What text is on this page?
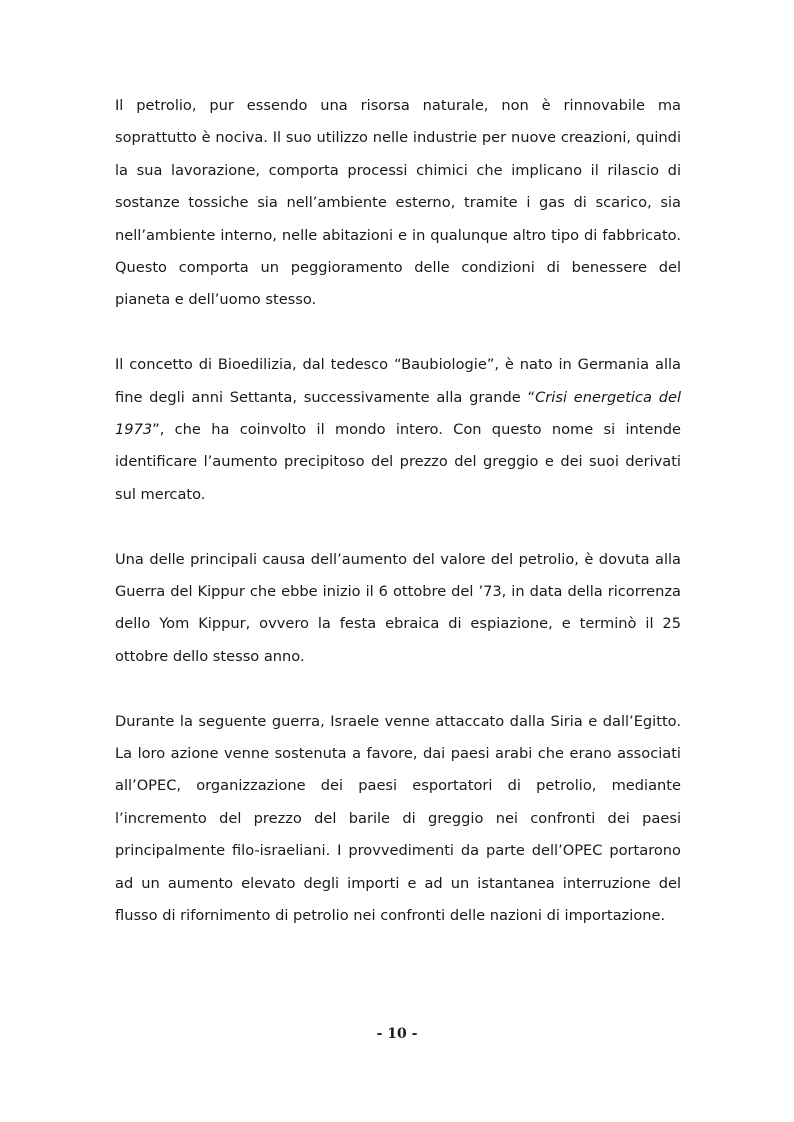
Il petrolio, pur essendo una risorsa naturale, non è rinnovabile ma soprattutto è nociva. Il suo utilizzo nelle industrie per nuove creazioni, quindi la sua lavorazione, comporta processi chimici che implicano il rilascio di sostanze tossiche sia nell’ambiente esterno, tramite i gas di scarico, sia nell’ambiente interno, nelle abitazioni e in qualunque altro tipo di fabbricato. Questo comporta un peggioramento delle condizioni di benessere del pianeta e dell’uomo stesso.

Il concetto di Bioedilizia, dal tedesco “Baubiologie”, è nato in Germania alla fine degli anni Settanta, successivamente alla grande “Crisi energetica del 1973”, che ha coinvolto il mondo intero. Con questo nome si intende identificare l’aumento precipitoso del prezzo del greggio e dei suoi derivati sul mercato.

Una delle principali causa dell’aumento del valore del petrolio, è dovuta alla Guerra del Kippur che ebbe inizio il 6 ottobre del ’73, in data della ricorrenza dello Yom Kippur, ovvero la festa ebraica di espiazione, e terminò il 25 ottobre dello stesso anno.

Durante la seguente guerra, Israele venne attaccato dalla Siria e dall’Egitto. La loro azione venne sostenuta a favore, dai paesi arabi che erano associati all’OPEC, organizzazione dei paesi esportatori di petrolio, mediante l’incremento del prezzo del barile di greggio nei confronti dei paesi principalmente filo-israeliani. I provvedimenti da parte dell’OPEC portarono ad un aumento elevato degli importi e ad un istantanea interruzione del flusso di rifornimento di petrolio nei confronti delle nazioni di importazione.

- 10 -
